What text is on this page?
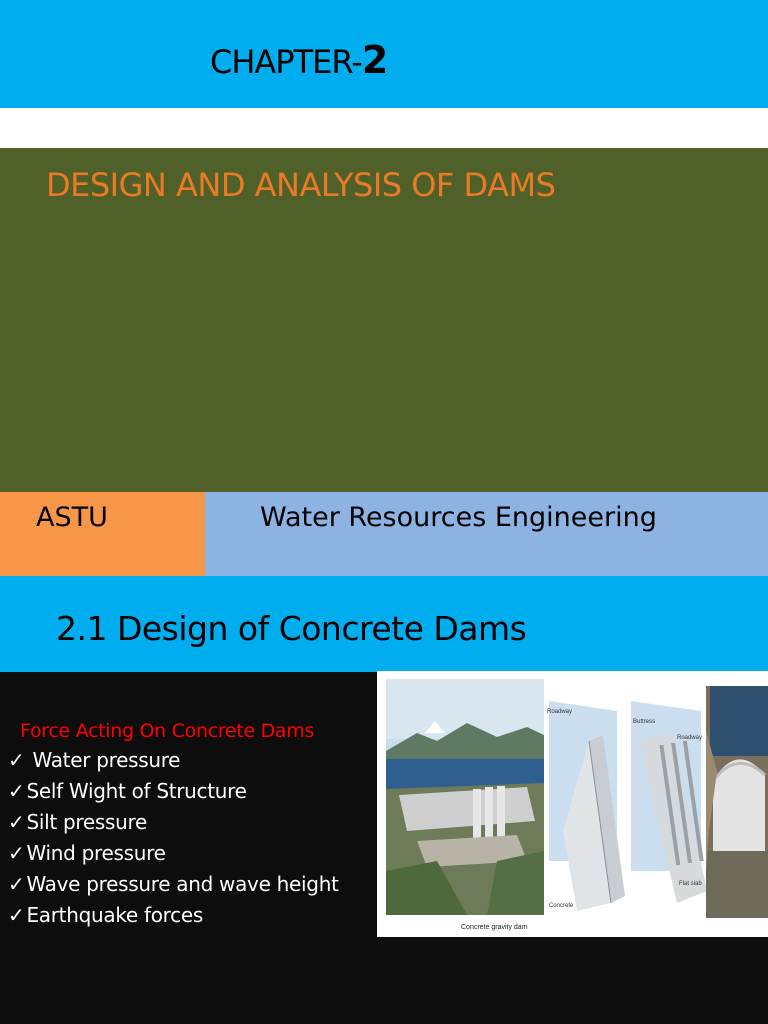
CHAPTER-2
DESIGN AND ANALYSIS OF DAMS
ASTU	Water Resources Engineering
2.1 Design of Concrete Dams
Force Acting On Concrete Dams
✓ Water pressure
✓ Self Wight of Structure
✓ Silt pressure
✓ Wind pressure
✓ Wave pressure and wave height
✓ Earthquake forces
Roadway
Concrete
Buttress
Roadway
Flat slab
Concrete gravity dam
